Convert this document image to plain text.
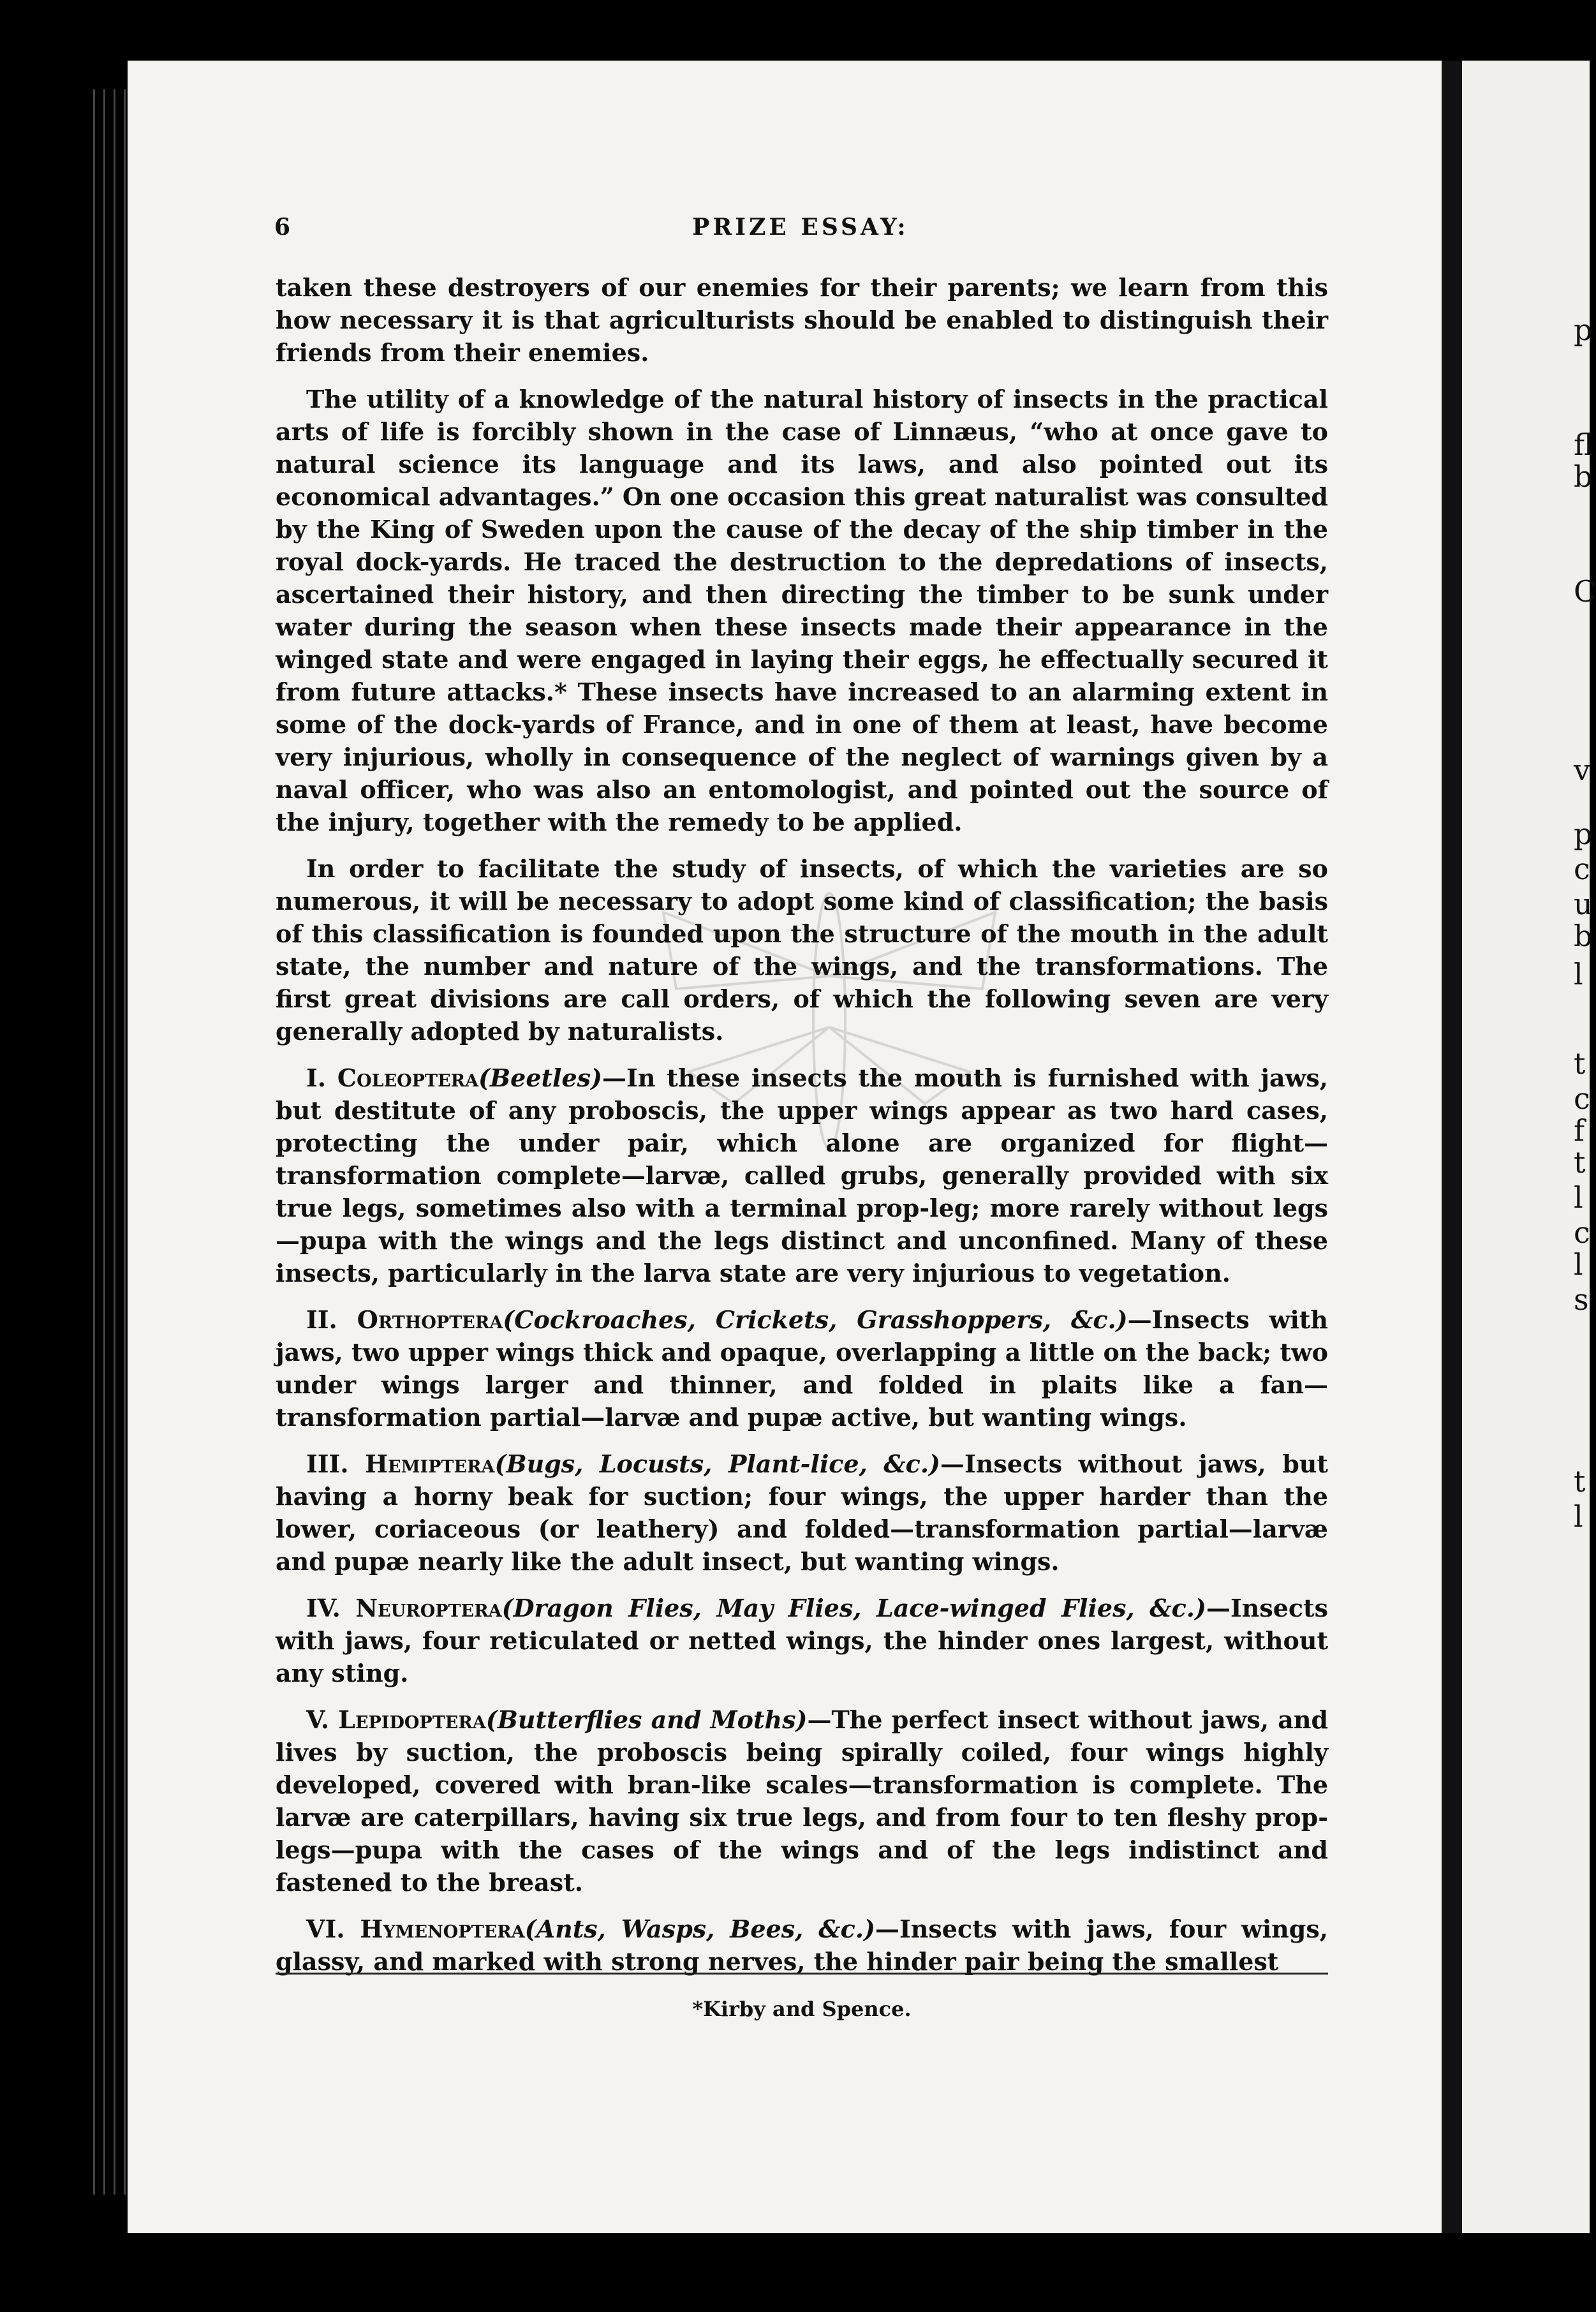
p
fl
b
C
v
p
c
u
b
l
t
c
f
t
l
c
l
s
t
l
6	PRIZE ESSAY:

taken these destroyers of our enemies for their parents; we learn from this how necessary it is that agriculturists should be enabled to distinguish their friends from their enemies.

The utility of a knowledge of the natural history of insects in the practical arts of life is forcibly shown in the case of Linnæus, “who at once gave to natural science its language and its laws, and also pointed out its economical advantages.” On one occasion this great naturalist was consulted by the King of Sweden upon the cause of the decay of the ship timber in the royal dock-yards. He traced the destruction to the depredations of insects, ascertained their history, and then directing the timber to be sunk under water during the season when these insects made their appearance in the winged state and were engaged in laying their eggs, he effectually secured it from future attacks.* These insects have increased to an alarming extent in some of the dock-yards of France, and in one of them at least, have become very injurious, wholly in consequence of the neglect of warnings given by a naval officer, who was also an entomologist, and pointed out the source of the injury, together with the remedy to be applied.

In order to facilitate the study of insects, of which the varieties are so numerous, it will be necessary to adopt some kind of classification; the basis of this classification is founded upon the structure of the mouth in the adult state, the number and nature of the wings, and the transformations. The first great divisions are call orders, of which the following seven are very generally adopted by naturalists.

I. Coleoptera(Beetles)—In these insects the mouth is furnished with jaws, but destitute of any proboscis, the upper wings appear as two hard cases, protecting the under pair, which alone are organized for flight—transformation complete—larvæ, called grubs, generally provided with six true legs, sometimes also with a terminal prop-leg; more rarely without legs—pupa with the wings and the legs distinct and unconfined. Many of these insects, particularly in the larva state are very injurious to vegetation.

II. Orthoptera(Cockroaches, Crickets, Grasshoppers, &c.)—Insects with jaws, two upper wings thick and opaque, overlapping a little on the back; two under wings larger and thinner, and folded in plaits like a fan—transformation partial—larvæ and pupæ active, but wanting wings.

III. Hemiptera(Bugs, Locusts, Plant-lice, &c.)—Insects without jaws, but having a horny beak for suction; four wings, the upper harder than the lower, coriaceous (or leathery) and folded—transformation partial—larvæ and pupæ nearly like the adult insect, but wanting wings.

IV. Neuroptera(Dragon Flies, May Flies, Lace-winged Flies, &c.)—Insects with jaws, four reticulated or netted wings, the hinder ones largest, without any sting.

V. Lepidoptera(Butterflies and Moths)—The perfect insect without jaws, and lives by suction, the proboscis being spirally coiled, four wings highly developed, covered with bran-like scales—transformation is complete. The larvæ are caterpillars, having six true legs, and from four to ten fleshy prop-legs—pupa with the cases of the wings and of the legs indistinct and fastened to the breast.

VI. Hymenoptera(Ants, Wasps, Bees, &c.)—Insects with jaws, four wings, glassy, and marked with strong nerves, the hinder pair being the smallest

*Kirby and Spence.
